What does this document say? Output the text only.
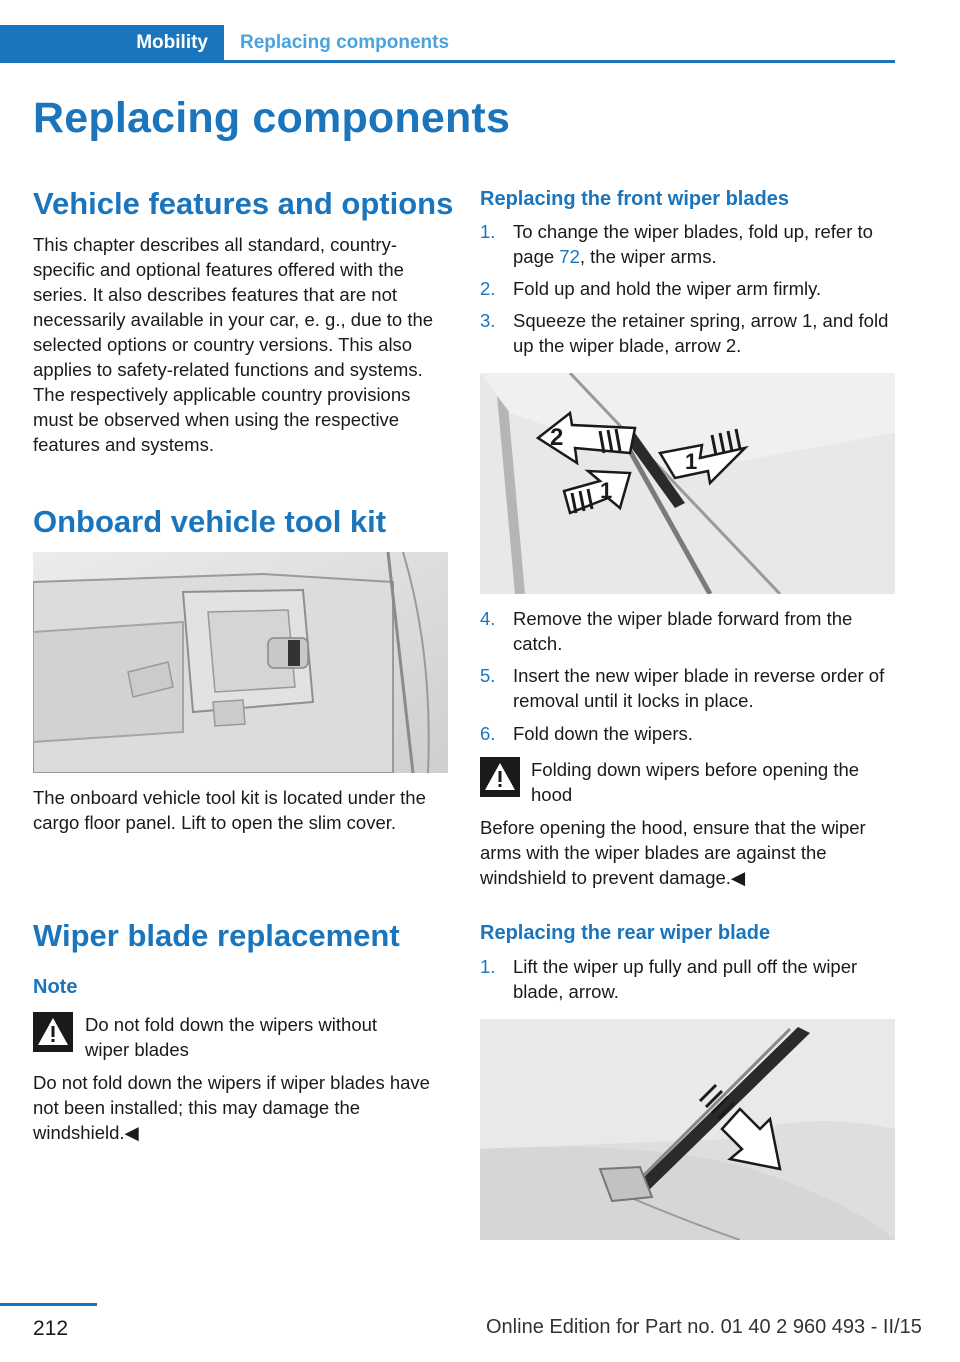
Mobility Replacing components
Replacing components
Vehicle features and options

This chapter describes all standard, country-specific and optional features offered with the series. It also describes features that are not necessarily available in your car, e. g., due to the selected options or country versions. This also applies to safety-related functions and systems. The respectively applicable country provisions must be observed when using the respective features and systems.

Onboard vehicle tool kit

The onboard vehicle tool kit is located under the cargo floor panel. Lift to open the slim cover.

Wiper blade replacement
Note
Do not fold down the wipers without wiper blades

Do not fold down the wipers if wiper blades have not been installed; this may damage the windshield.◀

Replacing the front wiper blades
1. To change the wiper blades, fold up, refer to page 72, the wiper arms.
2. Fold up and hold the wiper arm firmly.
3. Squeeze the retainer spring, arrow 1, and fold up the wiper blade, arrow 2.
2
1
1
4. Remove the wiper blade forward from the catch.
5. Insert the new wiper blade in reverse order of removal until it locks in place.
6. Fold down the wipers.
Folding down wipers before opening the hood

Before opening the hood, ensure that the wiper arms with the wiper blades are against the windshield to prevent damage.◀

Replacing the rear wiper blade
1. Lift the wiper up fully and pull off the wiper blade, arrow.
212	Online Edition for Part no. 01 40 2 960 493 - II/15
